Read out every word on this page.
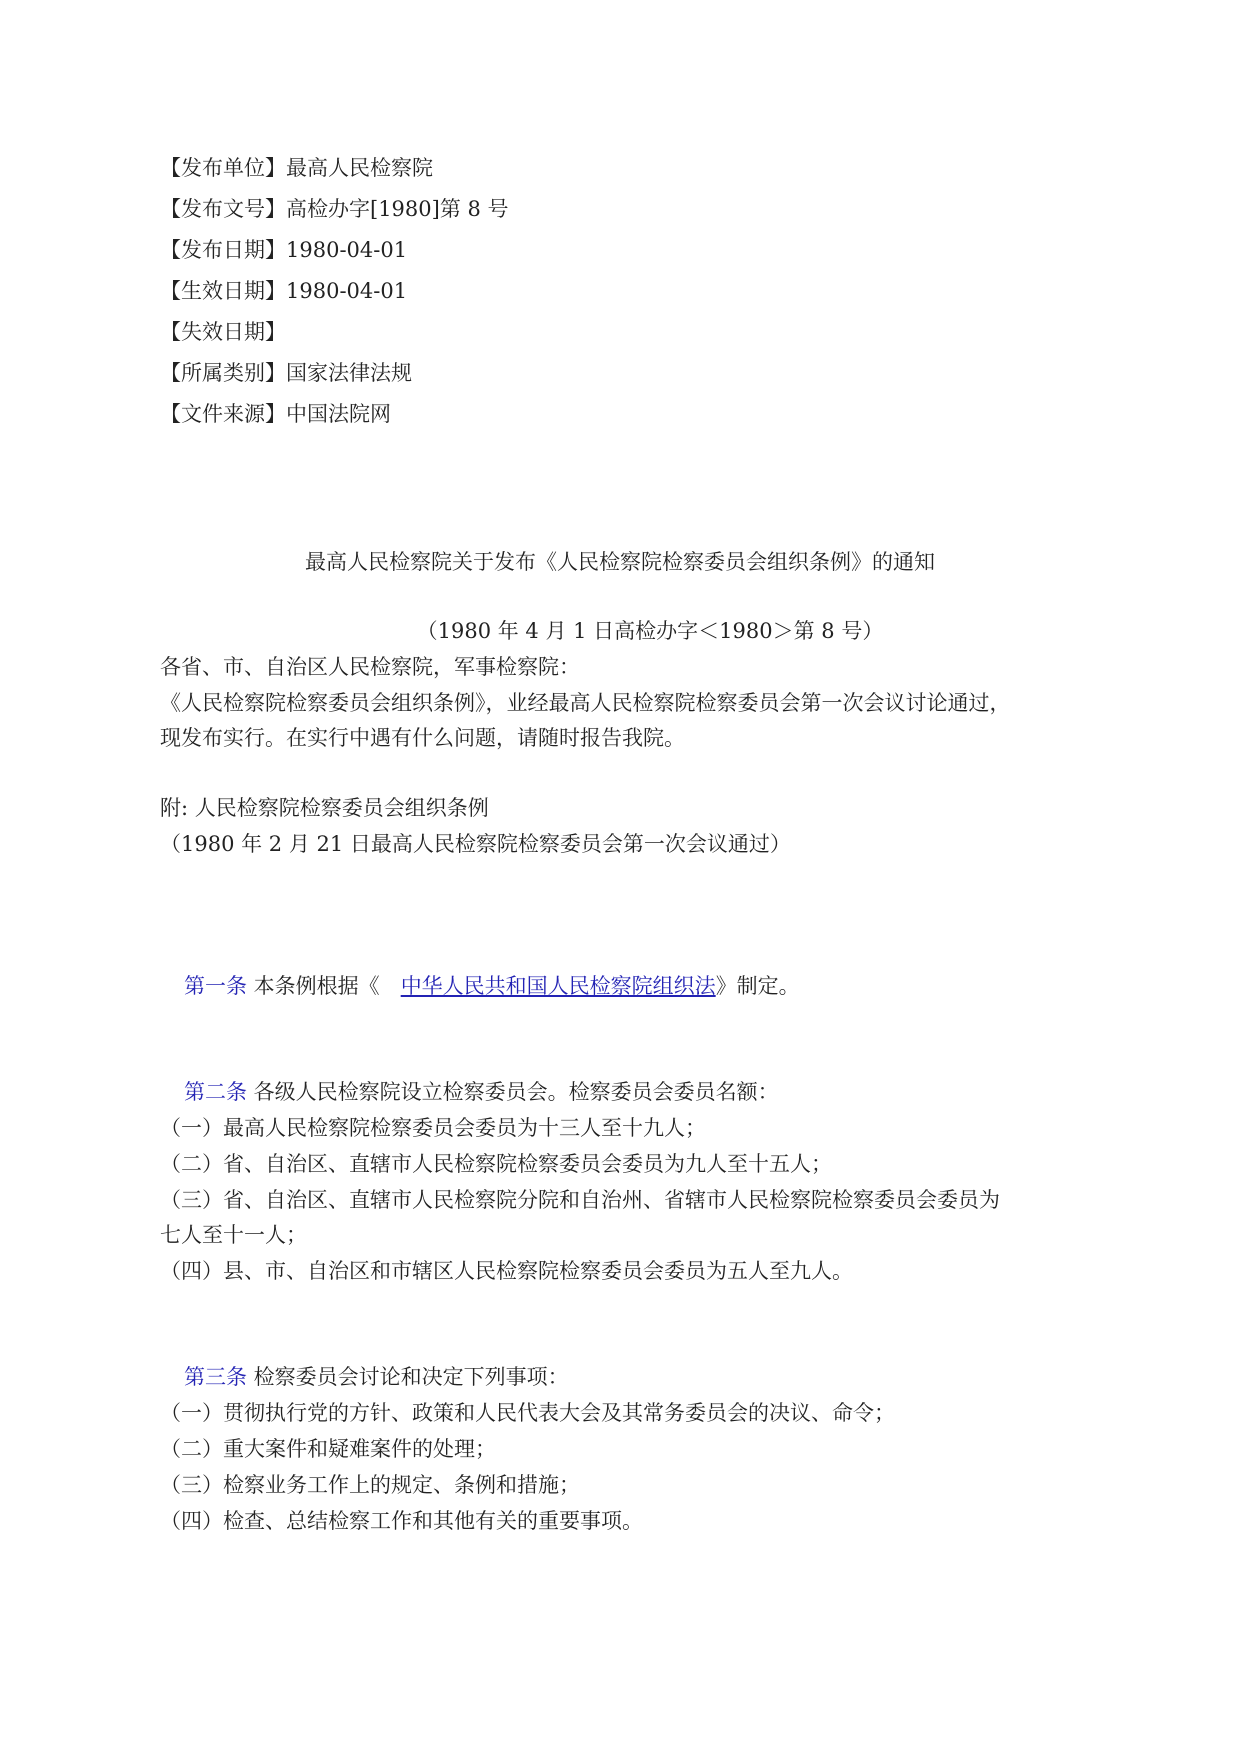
【发布单位】最高人民检察院
【发布文号】高检办字[1980]第 8 号
【发布日期】1980-04-01
【生效日期】1980-04-01
【失效日期】
【所属类别】国家法律法规
【文件来源】中国法院网
最高人民检察院关于发布《人民检察院检察委员会组织条例》的通知
（1980 年 4 月 1 日高检办字＜1980＞第 8 号）
各省、市、自治区人民检察院，军事检察院：
《人民检察院检察委员会组织条例》，业经最高人民检察院检察委员会第一次会议讨论通过，
现发布实行。在实行中遇有什么问题，请随时报告我院。
附: 人民检察院检察委员会组织条例
（1980 年 2 月 21 日最高人民检察院检察委员会第一次会议通过）
第一条 本条例根据《　中华人民共和国人民检察院组织法》制定。
第二条 各级人民检察院设立检察委员会。检察委员会委员名额：
（一）最高人民检察院检察委员会委员为十三人至十九人；
（二）省、自治区、直辖市人民检察院检察委员会委员为九人至十五人；
（三）省、自治区、直辖市人民检察院分院和自治州、省辖市人民检察院检察委员会委员为
七人至十一人；
（四）县、市、自治区和市辖区人民检察院检察委员会委员为五人至九人。
第三条 检察委员会讨论和决定下列事项：
（一）贯彻执行党的方针、政策和人民代表大会及其常务委员会的决议、命令；
（二）重大案件和疑难案件的处理；
（三）检察业务工作上的规定、条例和措施；
（四）检查、总结检察工作和其他有关的重要事项。
